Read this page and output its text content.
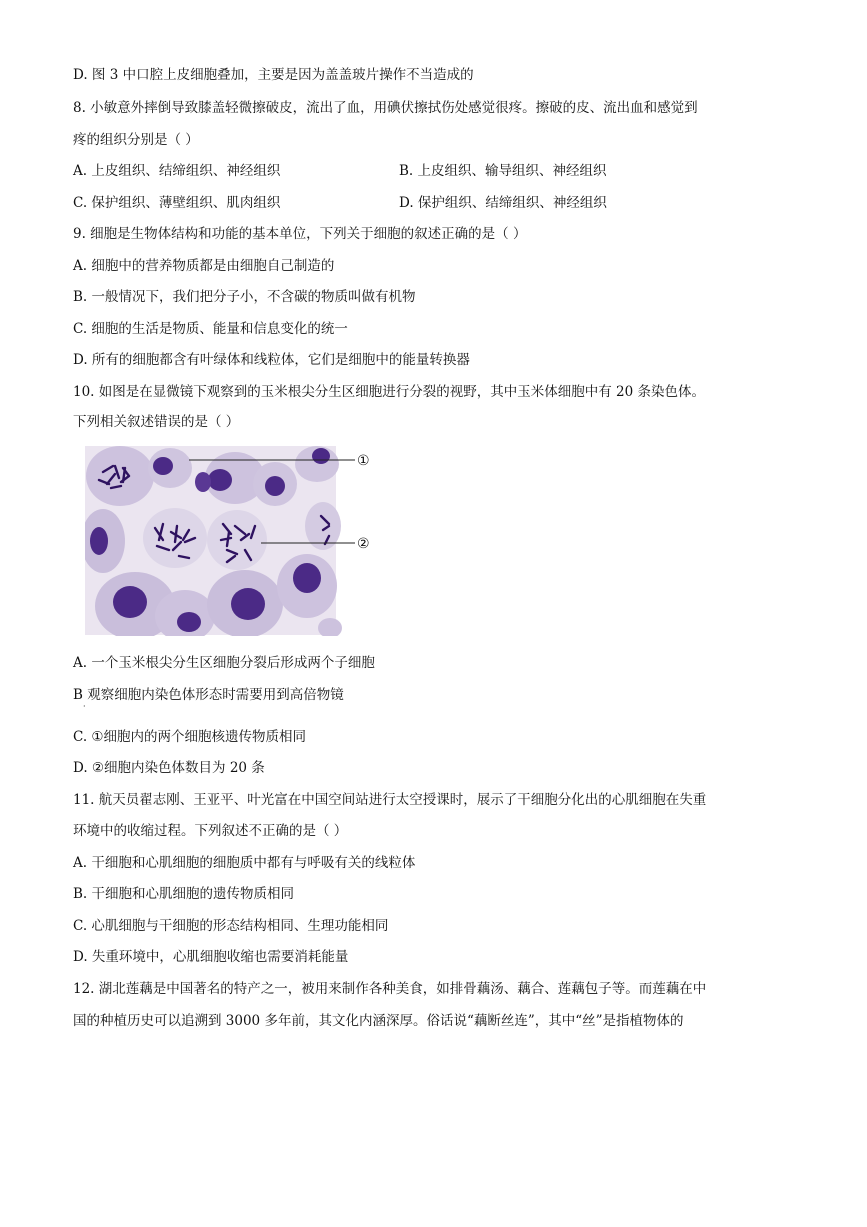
D. 图 3 中口腔上皮细胞叠加，主要是因为盖盖玻片操作不当造成的
8. 小敏意外摔倒导致膝盖轻微擦破皮，流出了血，用碘伏擦拭伤处感觉很疼。擦破的皮、流出血和感觉到
疼的组织分别是（ ）
A. 上皮组织、结缔组织、神经组织	B. 上皮组织、输导组织、神经组织
C. 保护组织、薄壁组织、肌肉组织	D. 保护组织、结缔组织、神经组织
9. 细胞是生物体结构和功能的基本单位，下列关于细胞的叙述正确的是（ ）
A. 细胞中的营养物质都是由细胞自己制造的
B. 一般情况下，我们把分子小，不含碳的物质叫做有机物
C. 细胞的生活是物质、能量和信息变化的统一
D. 所有的细胞都含有叶绿体和线粒体，它们是细胞中的能量转换器
10. 如图是在显微镜下观察到的玉米根尖分生区细胞进行分裂的视野，其中玉米体细胞中有 20 条染色体。
下列相关叙述错误的是（ ）
①
②
A. 一个玉米根尖分生区细胞分裂后形成两个子细胞
B 观察细胞内染色体形态时需要用到高倍物镜
·
C. ①细胞内的两个细胞核遗传物质相同
D. ②细胞内染色体数目为 20 条
11. 航天员翟志刚、王亚平、叶光富在中国空间站进行太空授课时，展示了干细胞分化出的心肌细胞在失重
环境中的收缩过程。下列叙述不正确的是（ ）
A. 干细胞和心肌细胞的细胞质中都有与呼吸有关的线粒体
B. 干细胞和心肌细胞的遗传物质相同
C. 心肌细胞与干细胞的形态结构相同、生理功能相同
D. 失重环境中，心肌细胞收缩也需要消耗能量
12. 湖北莲藕是中国著名的特产之一，被用来制作各种美食，如排骨藕汤、藕合、莲藕包子等。而莲藕在中
国的种植历史可以追溯到 3000 多年前，其文化内涵深厚。俗话说“藕断丝连”，其中“丝”是指植物体的
